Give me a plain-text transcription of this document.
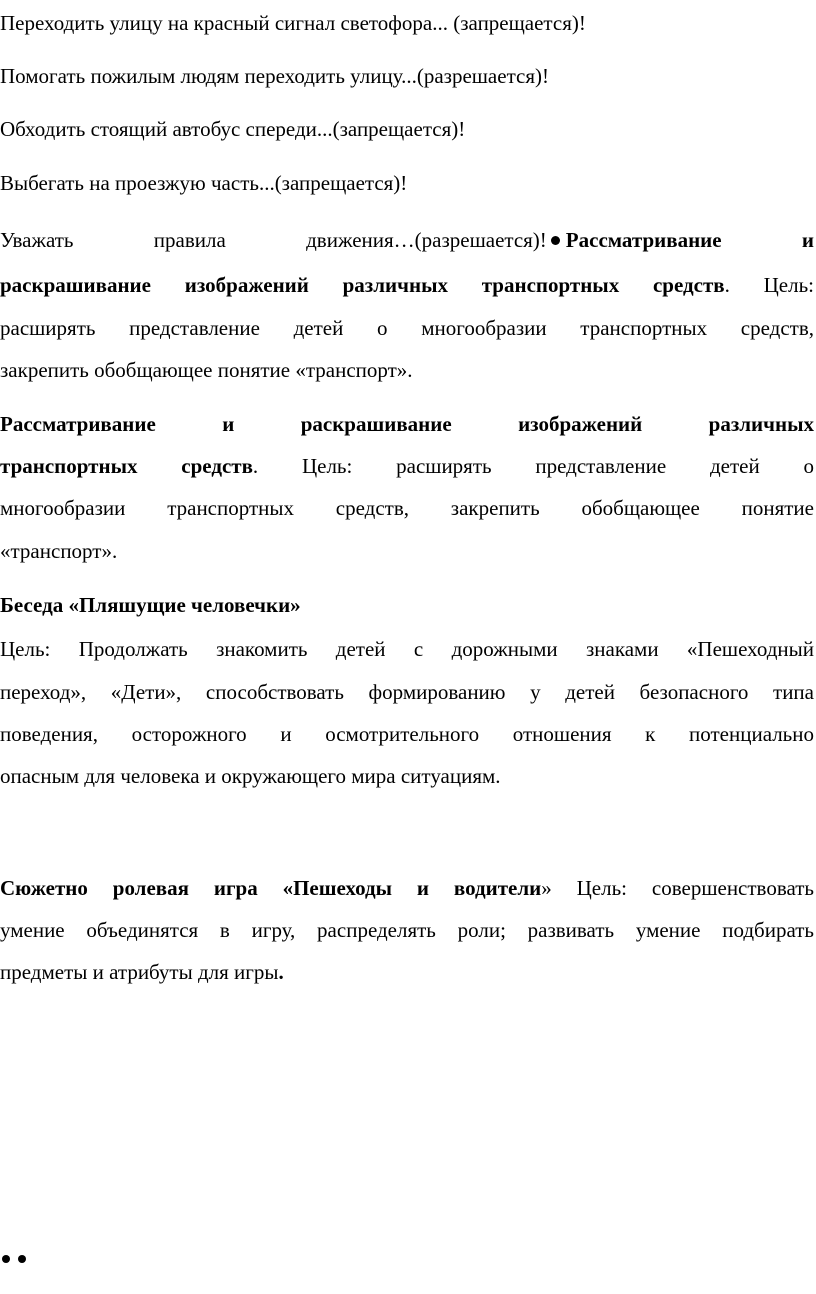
Переходить улицу на красный сигнал светофора... (запрещается)!
Помогать пожилым людям переходить улицу...(разрешается)!
Обходить стоящий автобус спереди...(запрещается)!
Выбегать на проезжую часть...(запрещается)!
Уважать правила движения…(разрешается)! Рассматривание и
раскрашивание изображений различных транспортных средств. Цель:
расширять представление детей о многообразии транспортных средств,
закрепить обобщающее понятие «транспорт».
Рассматривание и раскрашивание изображений различных
транспортных средств. Цель: расширять представление детей о
многообразии транспортных средств, закрепить обобщающее понятие
«транспорт».
Беседа «Пляшущие человечки»
Цель: Продолжать знакомить детей с дорожными знаками «Пешеходный
переход», «Дети», способствовать формированию у детей безопасного типа
поведения, осторожного и осмотрительного отношения к потенциально
опасным для человека и окружающего мира ситуациям.
Сюжетно ролевая игра «Пешеходы и водители» Цель: совершенствовать
умение объединятся в игру, распределять роли; развивать умение подбирать
предметы и атрибуты для игры.
